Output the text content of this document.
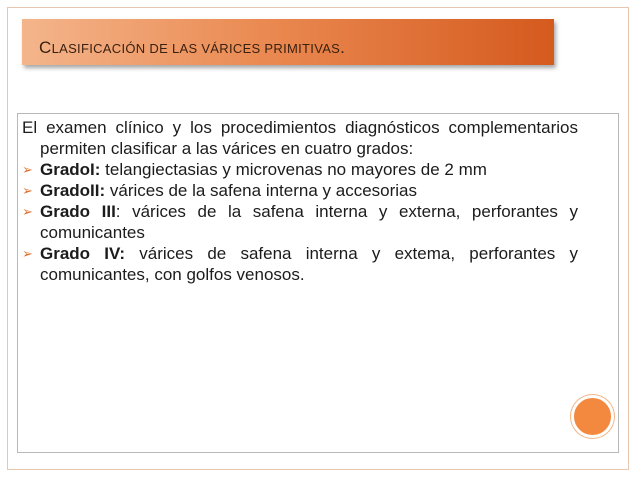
CLASIFICACIÓN DE LAS VÁRICES PRIMITIVAS.
El examen clínico y los procedimientos diagnósticos complementarios permiten clasificar a las várices en cuatro grados:
➢ GradoI: telangiectasias y microvenas no mayores de 2 mm
➢ GradoII: várices de la safena interna y accesorias
➢ Grado III: várices de la safena interna y externa, perforantes y comunicantes
➢ Grado IV: várices de safena interna y extema, perforantes y comunicantes, con golfos venosos.
